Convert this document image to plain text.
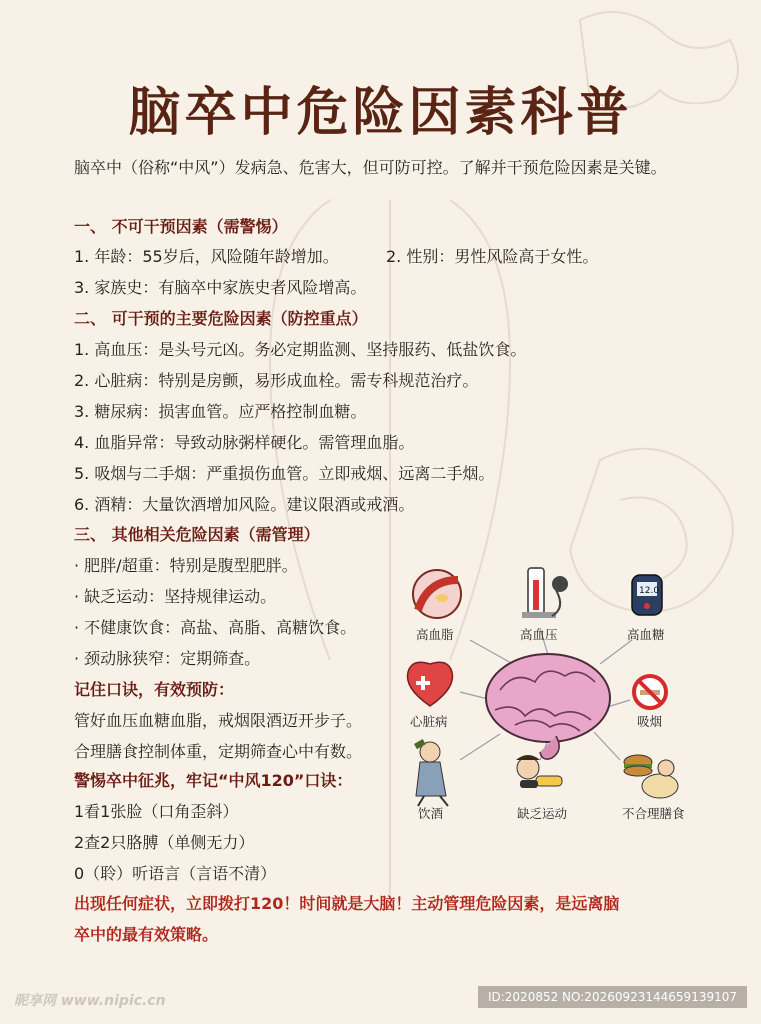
脑卒中危险因素科普
脑卒中（俗称“中风”）发病急、危害大，但可防可控。了解并干预危险因素是关键。
一、 不可干预因素（需警惕）
1. 年龄：55岁后，风险随年龄增加。	2. 性别：男性风险高于女性。
3. 家族史：有脑卒中家族史者风险增高。
二、 可干预的主要危险因素（防控重点）
1. 高血压：是头号元凶。务必定期监测、坚持服药、低盐饮食。
2. 心脏病：特别是房颤，易形成血栓。需专科规范治疗。
3. 糖尿病：损害血管。应严格控制血糖。
4. 血脂异常：导致动脉粥样硬化。需管理血脂。
5. 吸烟与二手烟：严重损伤血管。立即戒烟、远离二手烟。
6. 酒精：大量饮酒增加风险。建议限酒或戒酒。
三、 其他相关危险因素（需管理）
· 肥胖/超重：特别是腹型肥胖。
· 缺乏运动：坚持规律运动。
· 不健康饮食：高盐、高脂、高糖饮食。
· 颈动脉狭窄：定期筛查。
记住口诀，有效预防：
管好血压血糖血脂，戒烟限酒迈开步子。
合理膳食控制体重，定期筛查心中有数。
警惕卒中征兆，牢记“中风120”口诀：
1看1张脸（口角歪斜）
2查2只胳膊（单侧无力）
0（聆）听语言（言语不清）
出现任何症状，立即拨打120！时间就是大脑！主动管理危险因素，是远离脑
卒中的最有效策略。
高血脂	高血压
12.0
高血糖
心脏病	吸烟
饮酒	缺乏运动	不合理膳食
昵享网 www.nipic.cn	ID:2020852 NO:20260923144659139107
